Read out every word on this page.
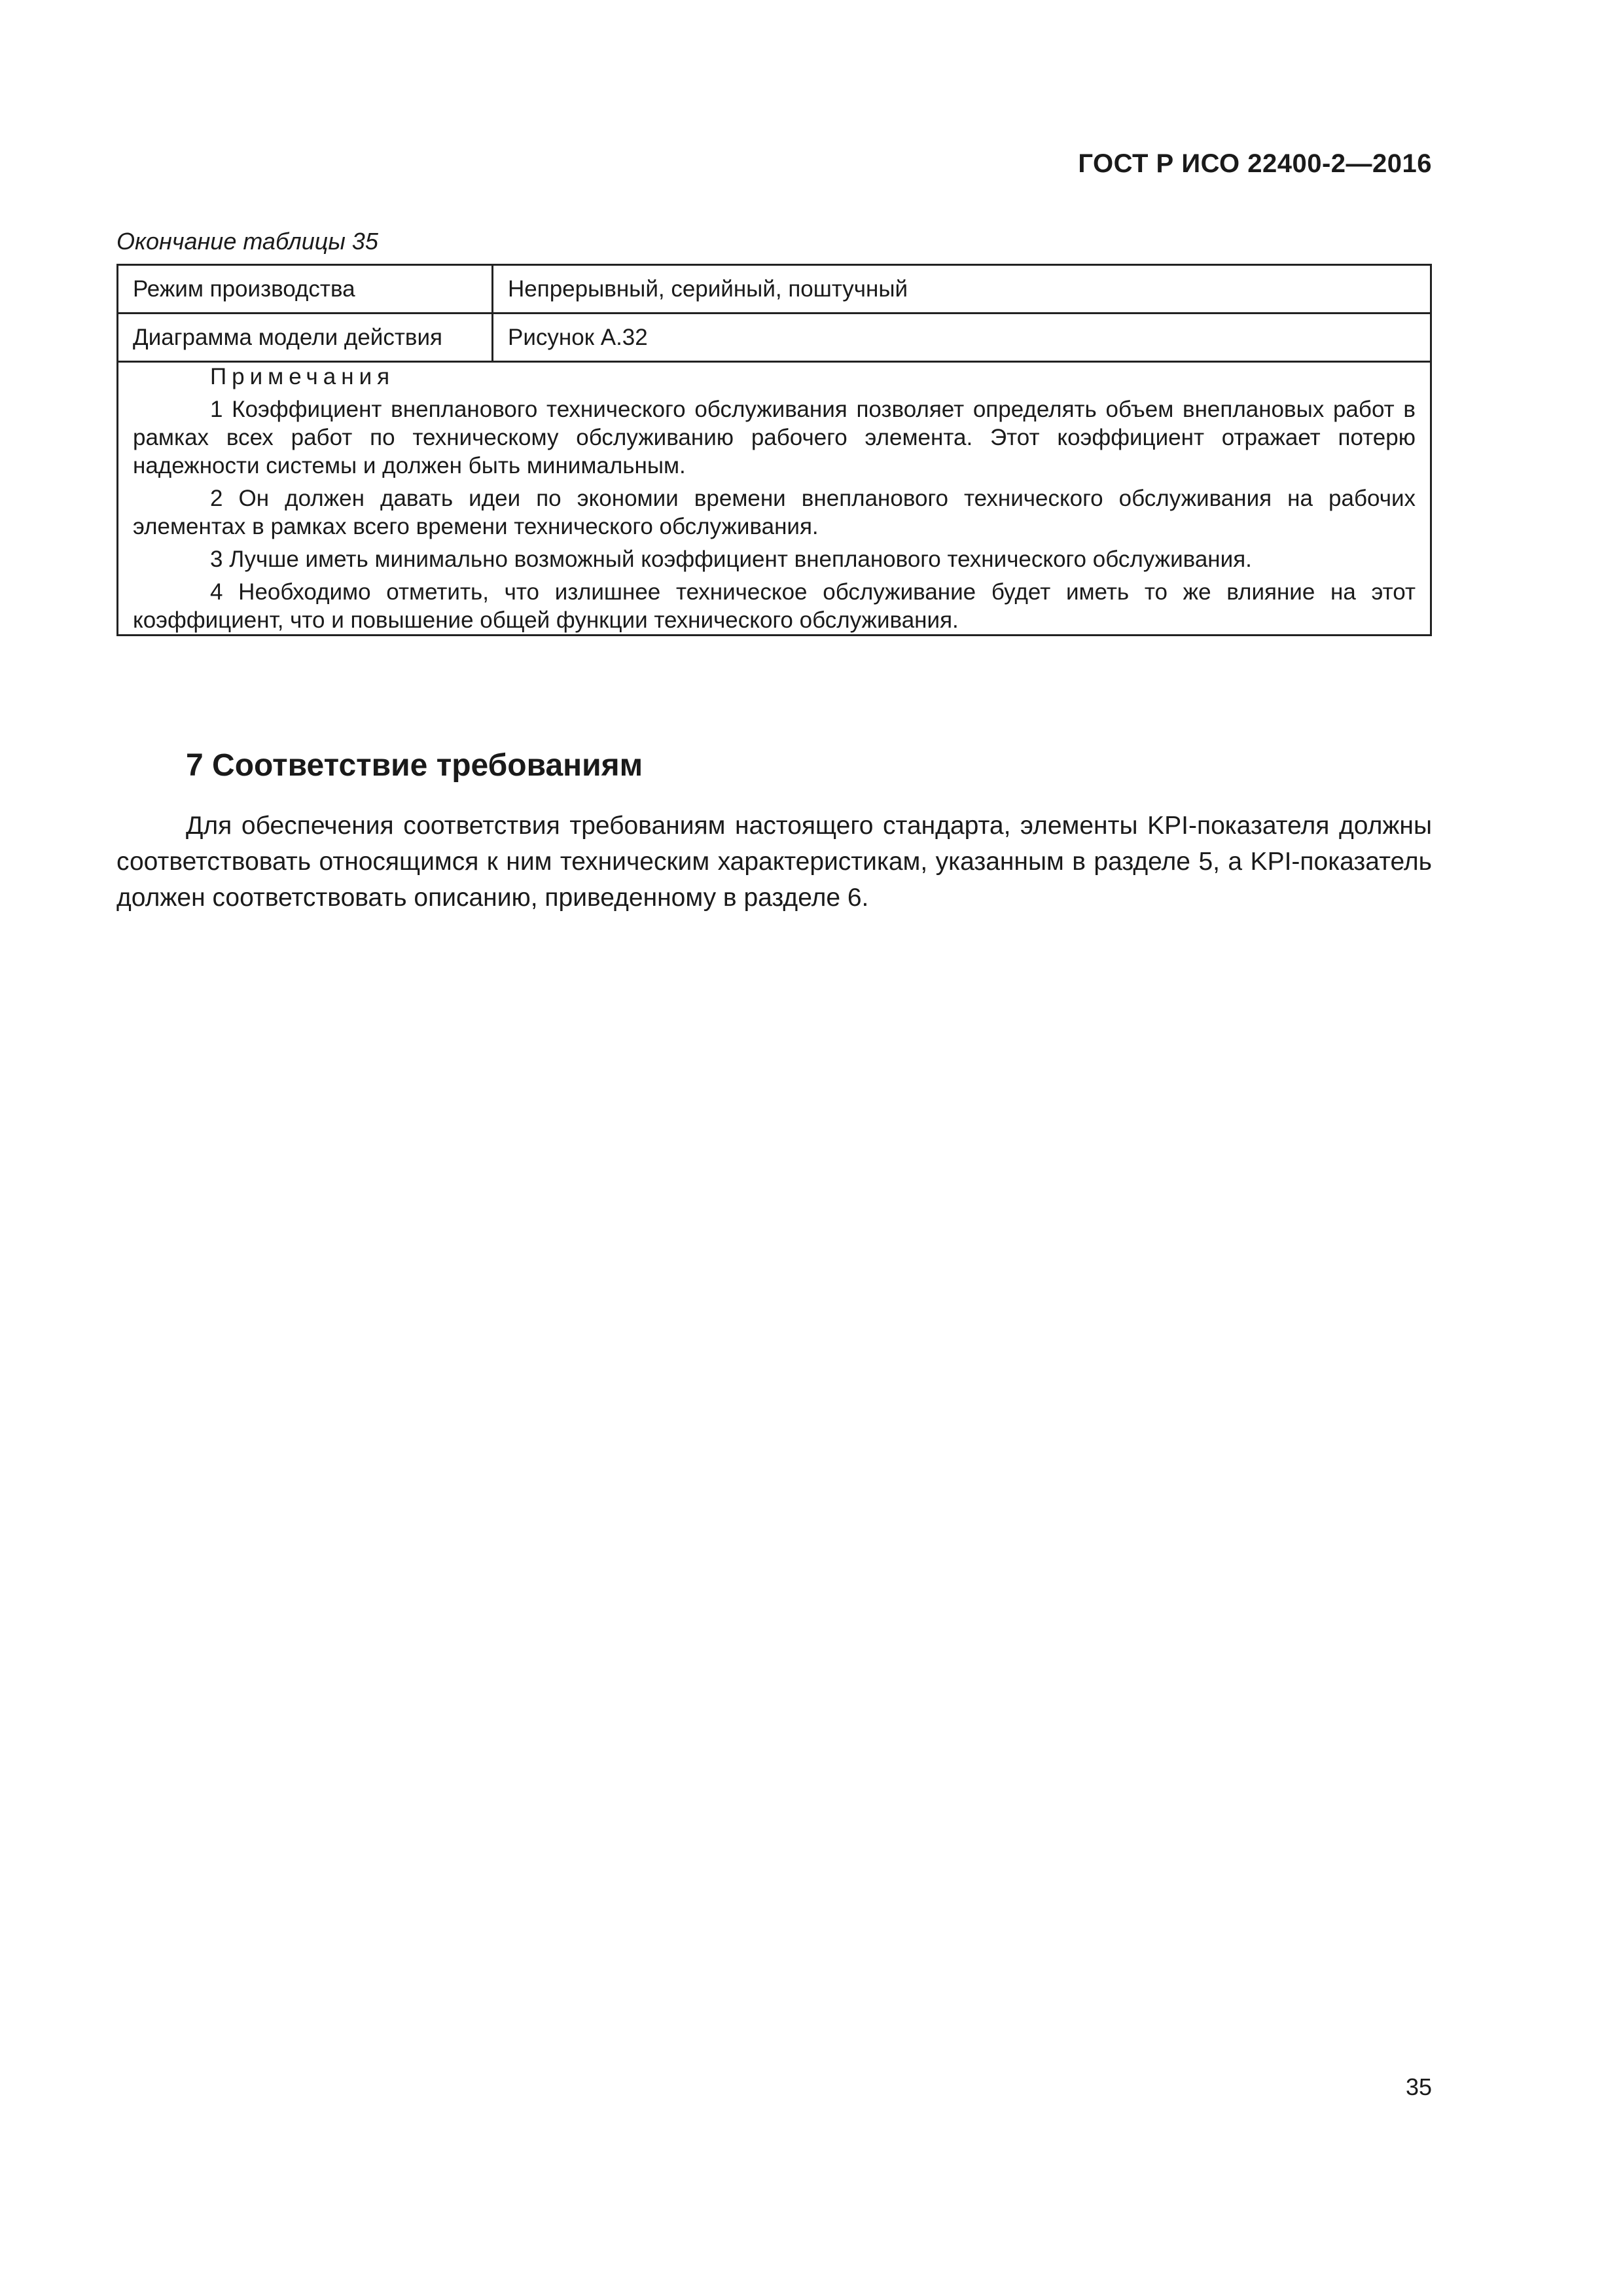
ГОСТ Р ИСО 22400-2—2016
Окончание таблицы 35
Режим производства	Непрерывный, серийный, поштучный
Диаграмма модели действия	Рисунок А.32

Примечания
1 Коэффициент внепланового технического обслуживания позволяет определять объем внеплановых работ в рамках всех работ по техническому обслуживанию рабочего элемента. Этот коэффициент отражает потерю надежности системы и должен быть минимальным.
2 Он должен давать идеи по экономии времени внепланового технического обслуживания на рабочих элементах в рамках всего времени технического обслуживания.
3 Лучше иметь минимально возможный коэффициент внепланового технического обслуживания.
4 Необходимо отметить, что излишнее техническое обслуживание будет иметь то же влияние на этот коэффициент, что и повышение общей функции технического обслуживания.	
7 Соответствие требованиям

Для обеспечения соответствия требованиям настоящего стандарта, элементы KPI-показателя должны соответствовать относящимся к ним техническим характеристикам, указанным в разделе 5, а KPI-показатель должен соответствовать описанию, приведенному в разделе 6.

35
